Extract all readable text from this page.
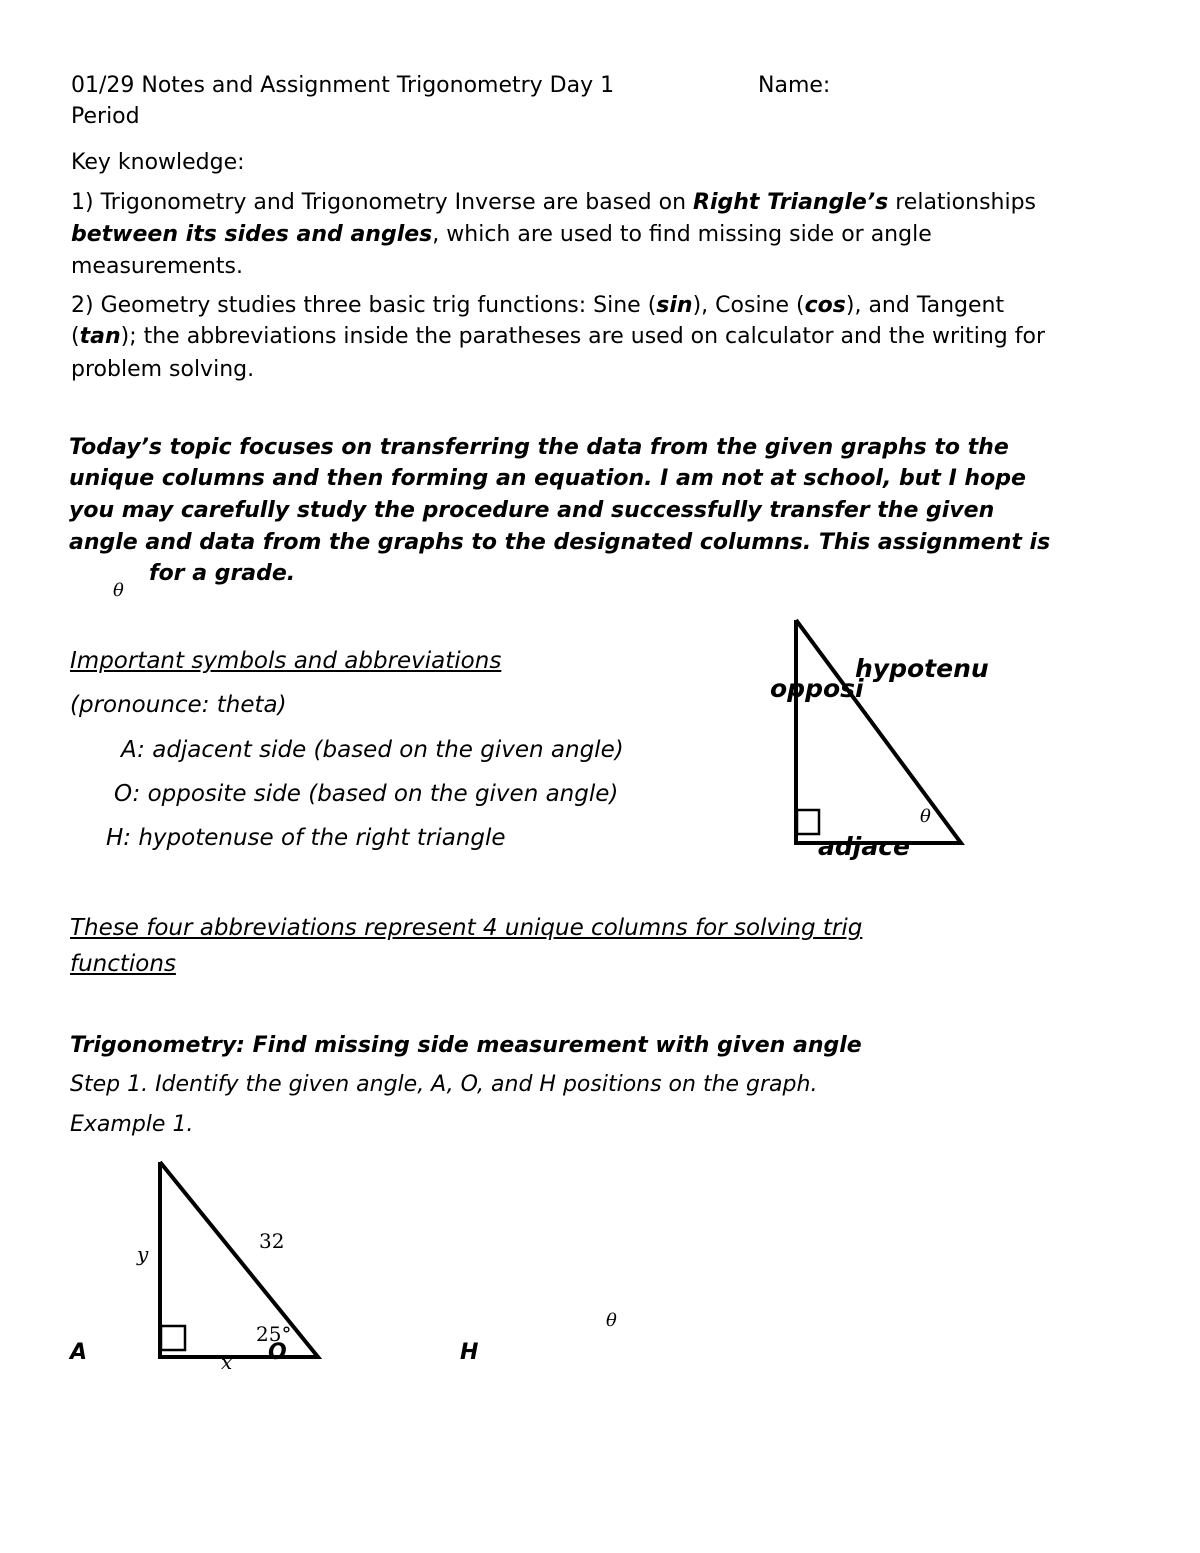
01/29 Notes and Assignment Trigonometry Day 1	Name:
Period
Key knowledge:
1) Trigonometry and Trigonometry Inverse are based on Right Triangle’s relationships
between its sides and angles, which are used to find missing side or angle
measurements.
2) Geometry studies three basic trig functions: Sine (sin), Cosine (cos), and Tangent
(tan); the abbreviations inside the paratheses are used on calculator and the writing for
problem solving.
Today’s topic focuses on transferring the data from the given graphs to the
unique columns and then forming an equation. I am not at school, but I hope
you may carefully study the procedure and successfully transfer the given
angle and data from the graphs to the designated columns. This assignment is
for a grade.
θ
Important symbols and abbreviations
(pronounce: theta)
A: adjacent side (based on the given angle)
O: opposite side (based on the given angle)
H: hypotenuse of the right triangle
hypotenu
opposi
adjace
θ
These four abbreviations represent 4 unique columns for solving trig
functions
Trigonometry: Find missing side measurement with given angle
Step 1. Identify the given angle, A, O, and H positions on the graph.
Example 1.
y
32
25°
x
A	O	H
θ
